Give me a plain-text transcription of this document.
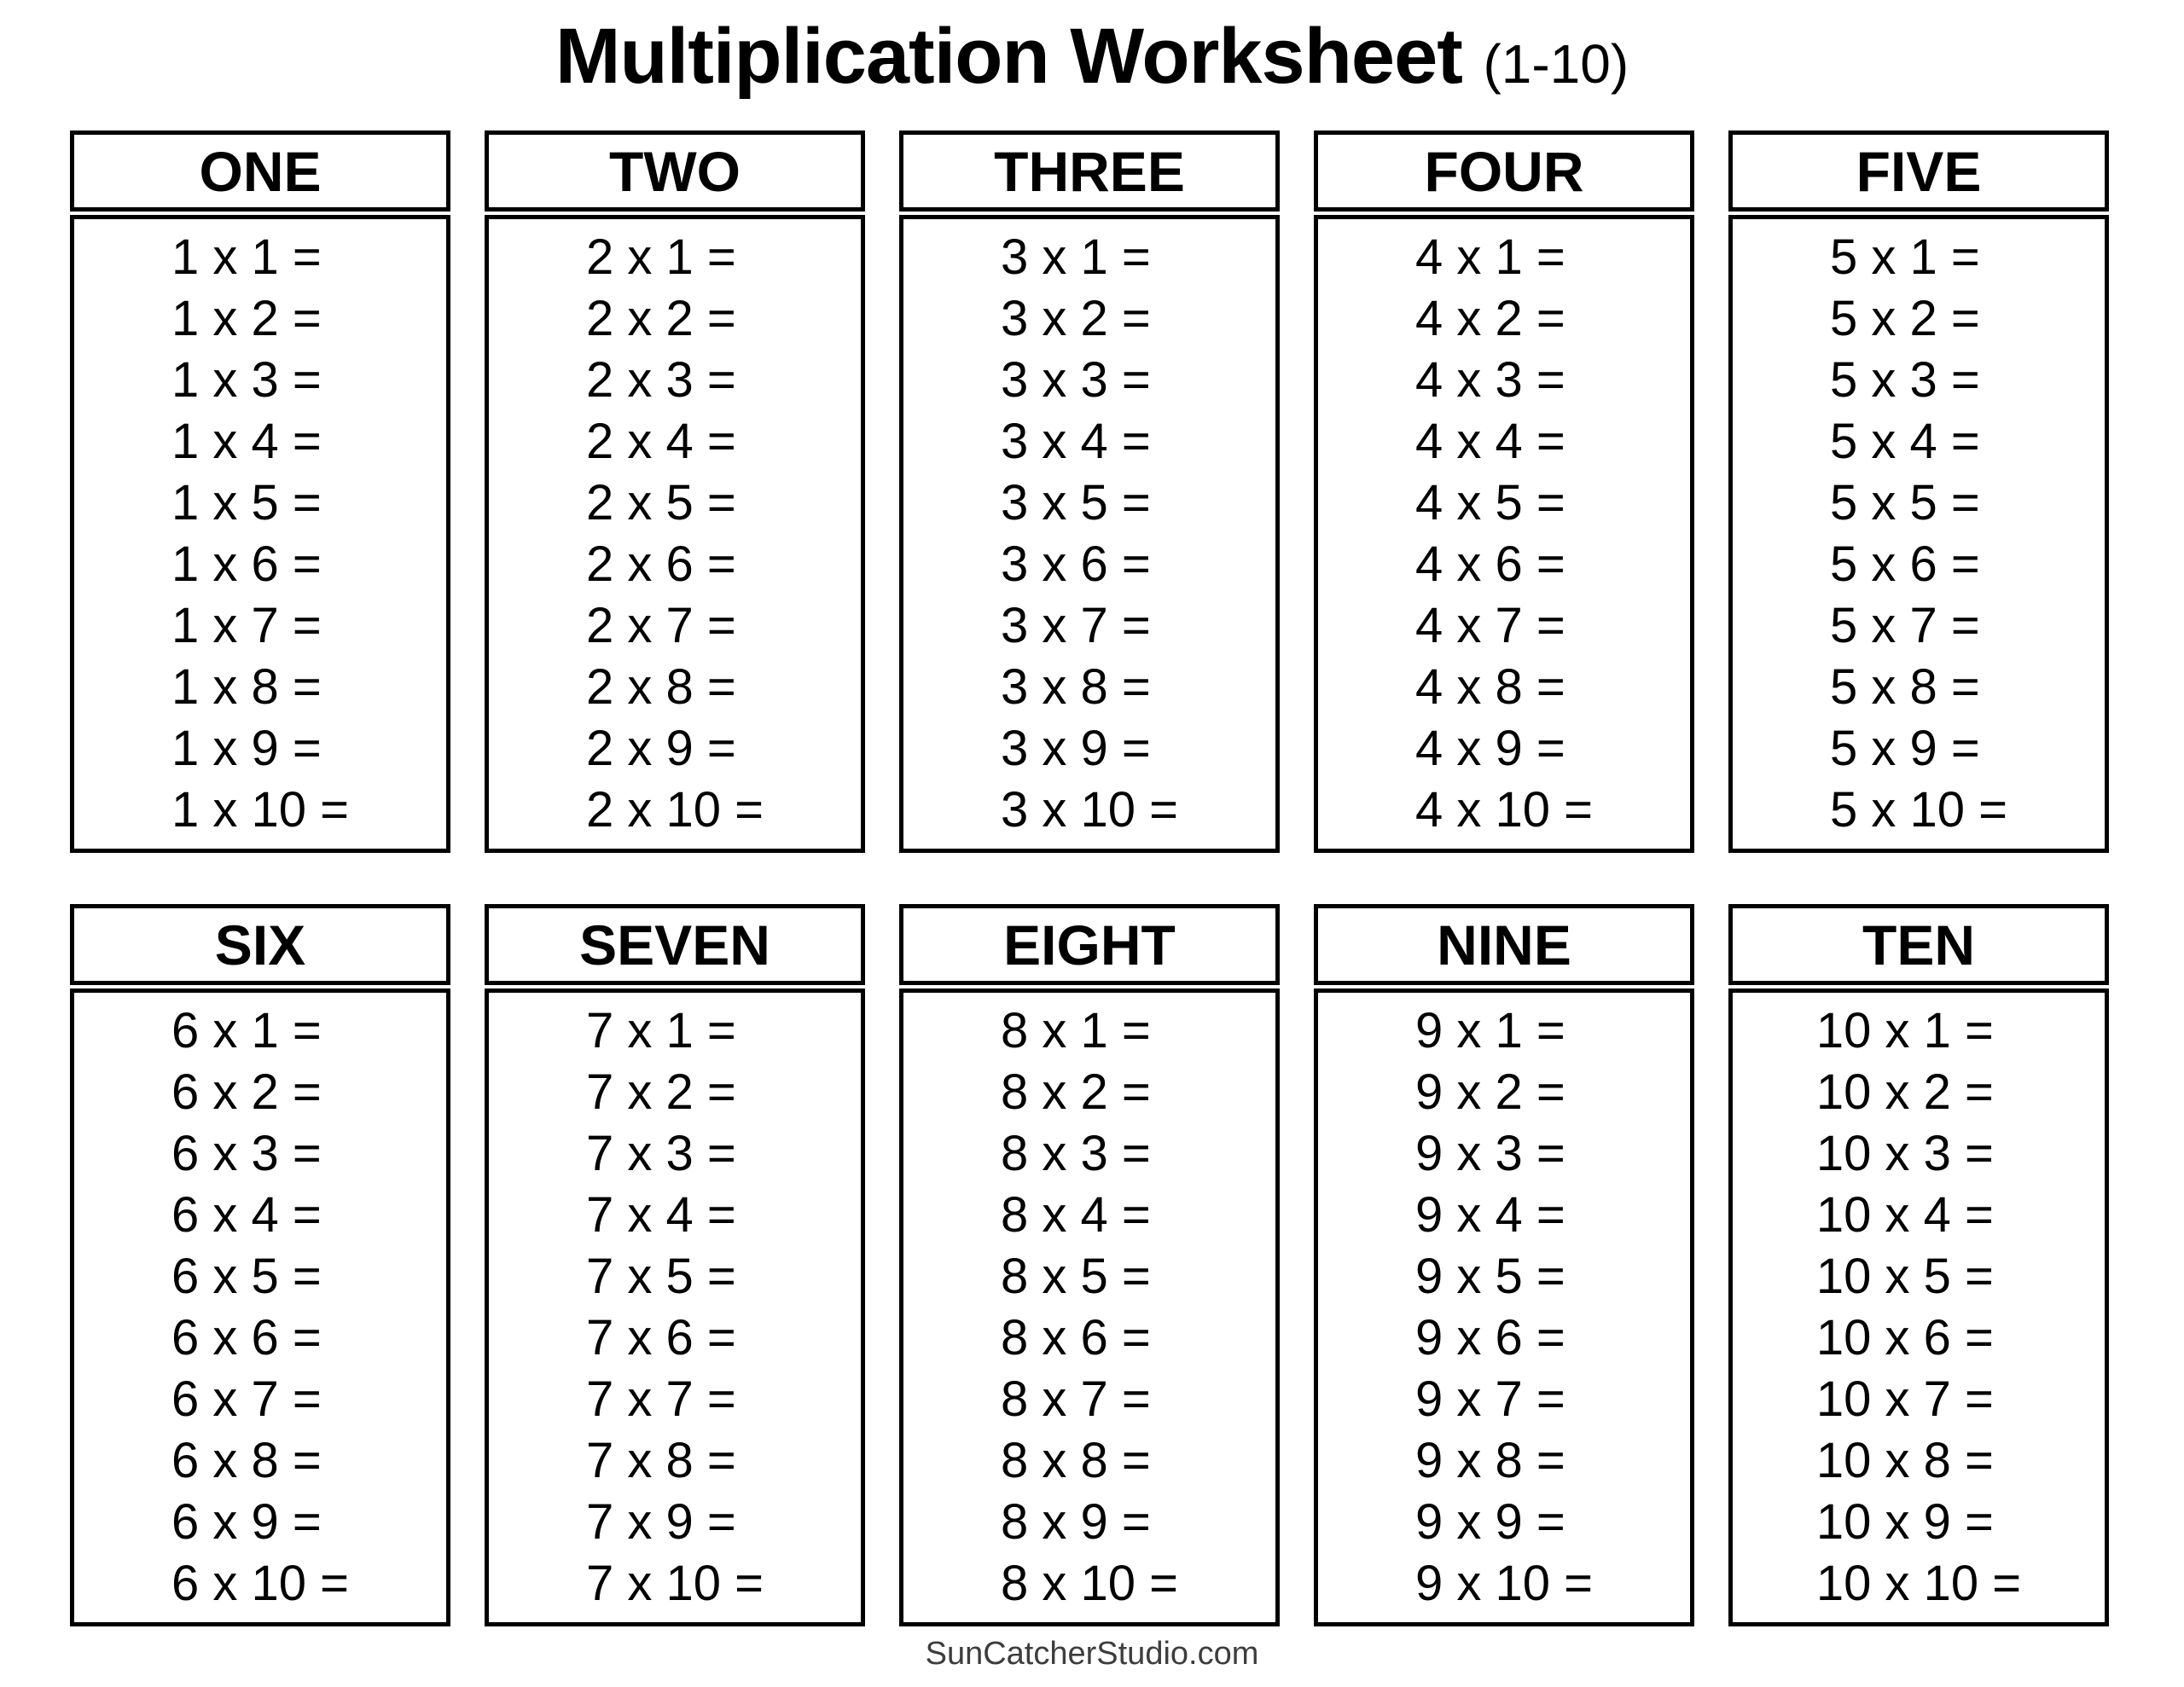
Multiplication Worksheet (1-10)
ONE
1 x 1 =
1 x 2 =
1 x 3 =
1 x 4 =
1 x 5 =
1 x 6 =
1 x 7 =
1 x 8 =
1 x 9 =
1 x 10 =
TWO
2 x 1 =
2 x 2 =
2 x 3 =
2 x 4 =
2 x 5 =
2 x 6 =
2 x 7 =
2 x 8 =
2 x 9 =
2 x 10 =
THREE
3 x 1 =
3 x 2 =
3 x 3 =
3 x 4 =
3 x 5 =
3 x 6 =
3 x 7 =
3 x 8 =
3 x 9 =
3 x 10 =
FOUR
4 x 1 =
4 x 2 =
4 x 3 =
4 x 4 =
4 x 5 =
4 x 6 =
4 x 7 =
4 x 8 =
4 x 9 =
4 x 10 =
FIVE
5 x 1 =
5 x 2 =
5 x 3 =
5 x 4 =
5 x 5 =
5 x 6 =
5 x 7 =
5 x 8 =
5 x 9 =
5 x 10 =
SIX
6 x 1 =
6 x 2 =
6 x 3 =
6 x 4 =
6 x 5 =
6 x 6 =
6 x 7 =
6 x 8 =
6 x 9 =
6 x 10 =
SEVEN
7 x 1 =
7 x 2 =
7 x 3 =
7 x 4 =
7 x 5 =
7 x 6 =
7 x 7 =
7 x 8 =
7 x 9 =
7 x 10 =
EIGHT
8 x 1 =
8 x 2 =
8 x 3 =
8 x 4 =
8 x 5 =
8 x 6 =
8 x 7 =
8 x 8 =
8 x 9 =
8 x 10 =
NINE
9 x 1 =
9 x 2 =
9 x 3 =
9 x 4 =
9 x 5 =
9 x 6 =
9 x 7 =
9 x 8 =
9 x 9 =
9 x 10 =
TEN
10 x 1 =
10 x 2 =
10 x 3 =
10 x 4 =
10 x 5 =
10 x 6 =
10 x 7 =
10 x 8 =
10 x 9 =
10 x 10 =
SunCatcherStudio.com
